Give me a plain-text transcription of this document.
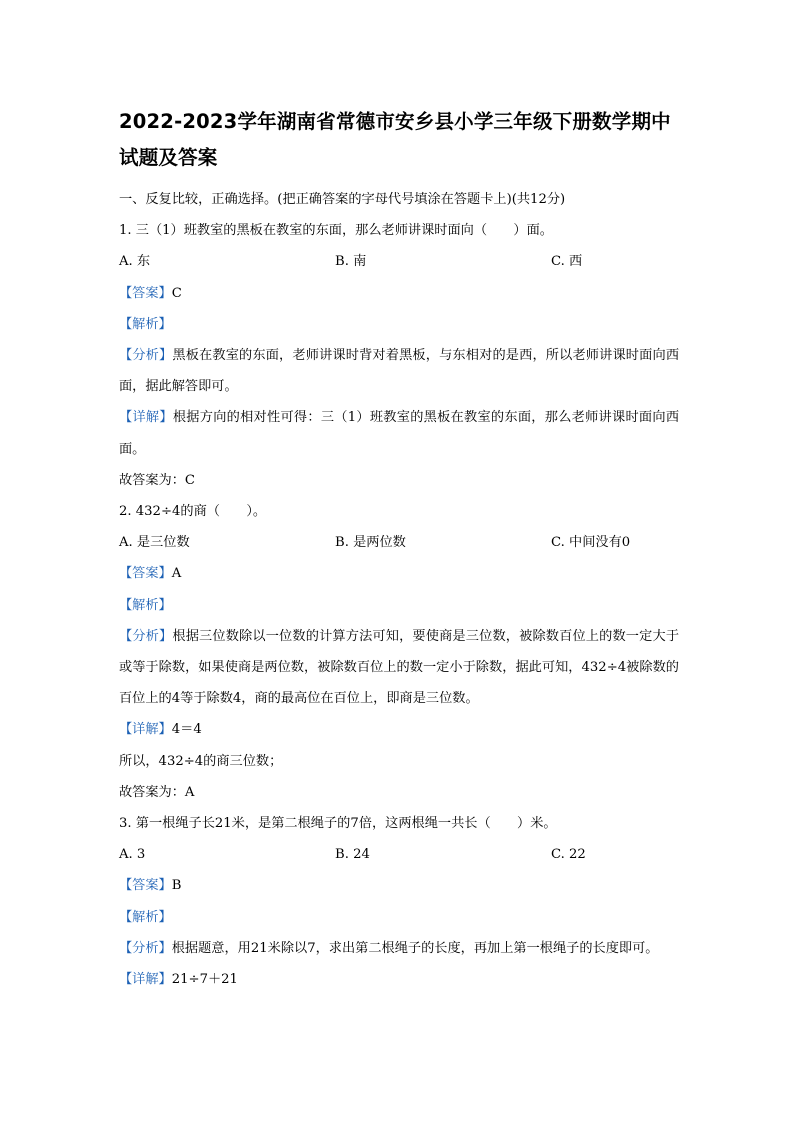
2022-2023学年湖南省常德市安乡县小学三年级下册数学期中试题及答案

一、反复比较，正确选择。(把正确答案的字母代号填涂在答题卡上)(共12分)

1. 三（1）班教室的黑板在教室的东面，那么老师讲课时面向（　　）面。

A. 东	B. 南	C. 西

【答案】C

【解析】

【分析】黑板在教室的东面，老师讲课时背对着黑板，与东相对的是西，所以老师讲课时面向西面，据此解答即可。

【详解】根据方向的相对性可得：三（1）班教室的黑板在教室的东面，那么老师讲课时面向西面。

故答案为：C

2. 432÷4的商（　　）。

A. 是三位数	B. 是两位数	C. 中间没有0

【答案】A

【解析】

【分析】根据三位数除以一位数的计算方法可知，要使商是三位数，被除数百位上的数一定大于或等于除数，如果使商是两位数，被除数百位上的数一定小于除数，据此可知，432÷4被除数的百位上的4等于除数4，商的最高位在百位上，即商是三位数。

【详解】4＝4

所以，432÷4的商三位数；

故答案为：A

3. 第一根绳子长21米，是第二根绳子的7倍，这两根绳一共长（　　）米。

A. 3	B. 24	C. 22

【答案】B

【解析】

【分析】根据题意，用21米除以7，求出第二根绳子的长度，再加上第一根绳子的长度即可。

【详解】21÷7＋21
